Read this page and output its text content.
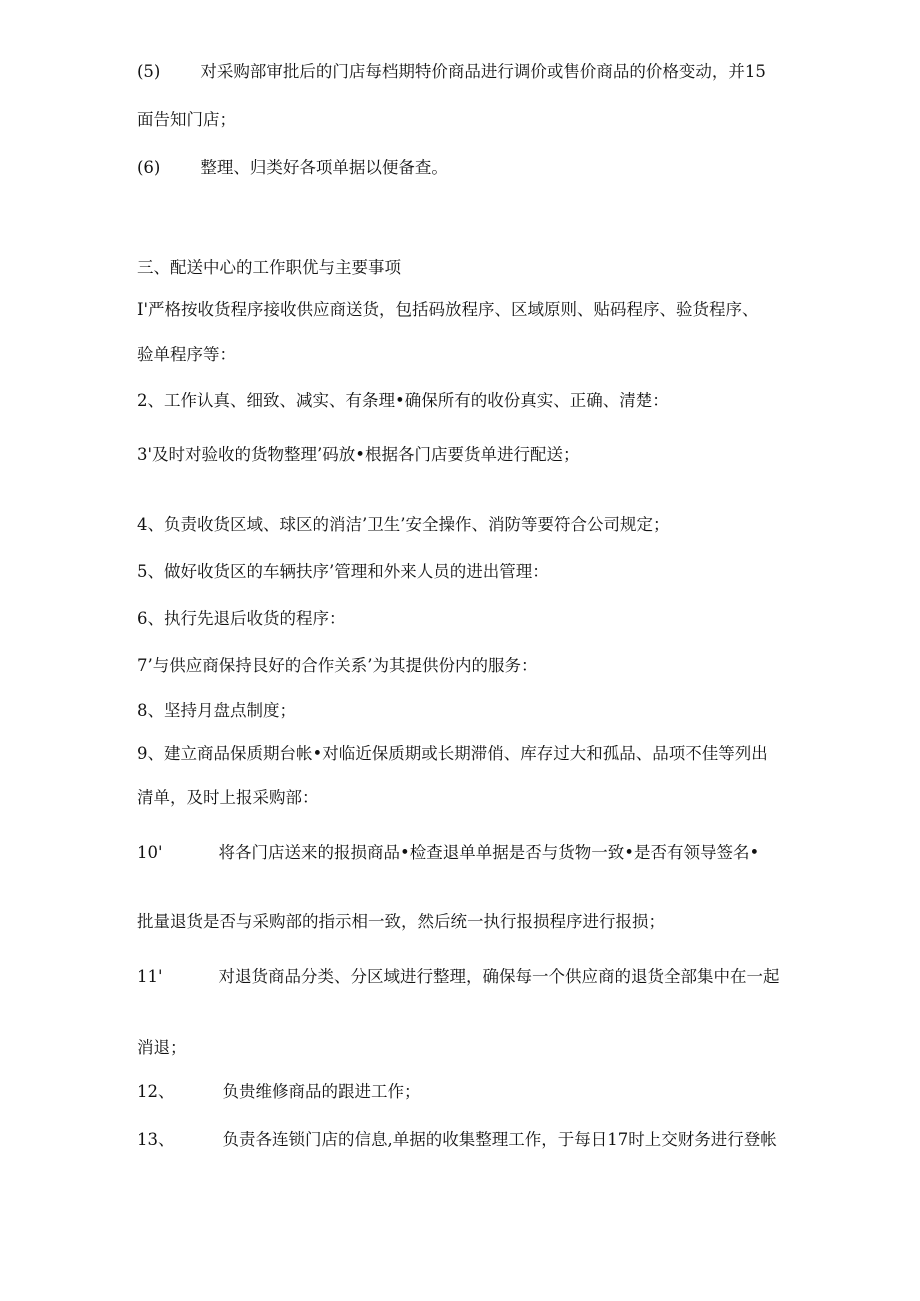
(5) 对采购部审批后的门店每档期特价商品进行调价或售价商品的价格变动，并15
面告知门店；
(6) 整理、归类好各项单据以便备查。
三、配送中心的工作职优与主要事项
I'严格按收货程序接收供应商送货，包括码放程序、区域原则、贴码程序、验货程序、
验单程序等：
2、工作认真、细致、减实、有条理•确保所有的收份真实、正确、清楚：
3'及时对验收的货物整理’码放•根据各门店要货单进行配送；
4、负责收货区域、球区的消洁’卫生’安全操作、消防等要符合公司规定；
5、做好收货区的车辆扶序’管理和外来人员的进出管理：
6、执行先退后收货的程序：
7’与供应商保持艮好的合作关系’为其提供份内的服务：
8、坚持月盘点制度；
9、建立商品保质期台帐•对临近保质期或长期滞俏、库存过大和孤品、品项不佳等列出
清单，及时上报采购部：
10'	将各门店送来的报损商品•检查退单单据是否与货物一致•是否有领导签名•
批量退货是否与采购部的指示相一致，然后统一执行报损程序进行报损；
11'	对退货商品分类、分区域进行整理，确保每一个供应商的退货全部集中在一起
消退；
12、	负贵维修商品的跟进工作；
13、	负责各连锁门店的信息,单据的收集整理工作，于每日17时上交财务进行登帐
